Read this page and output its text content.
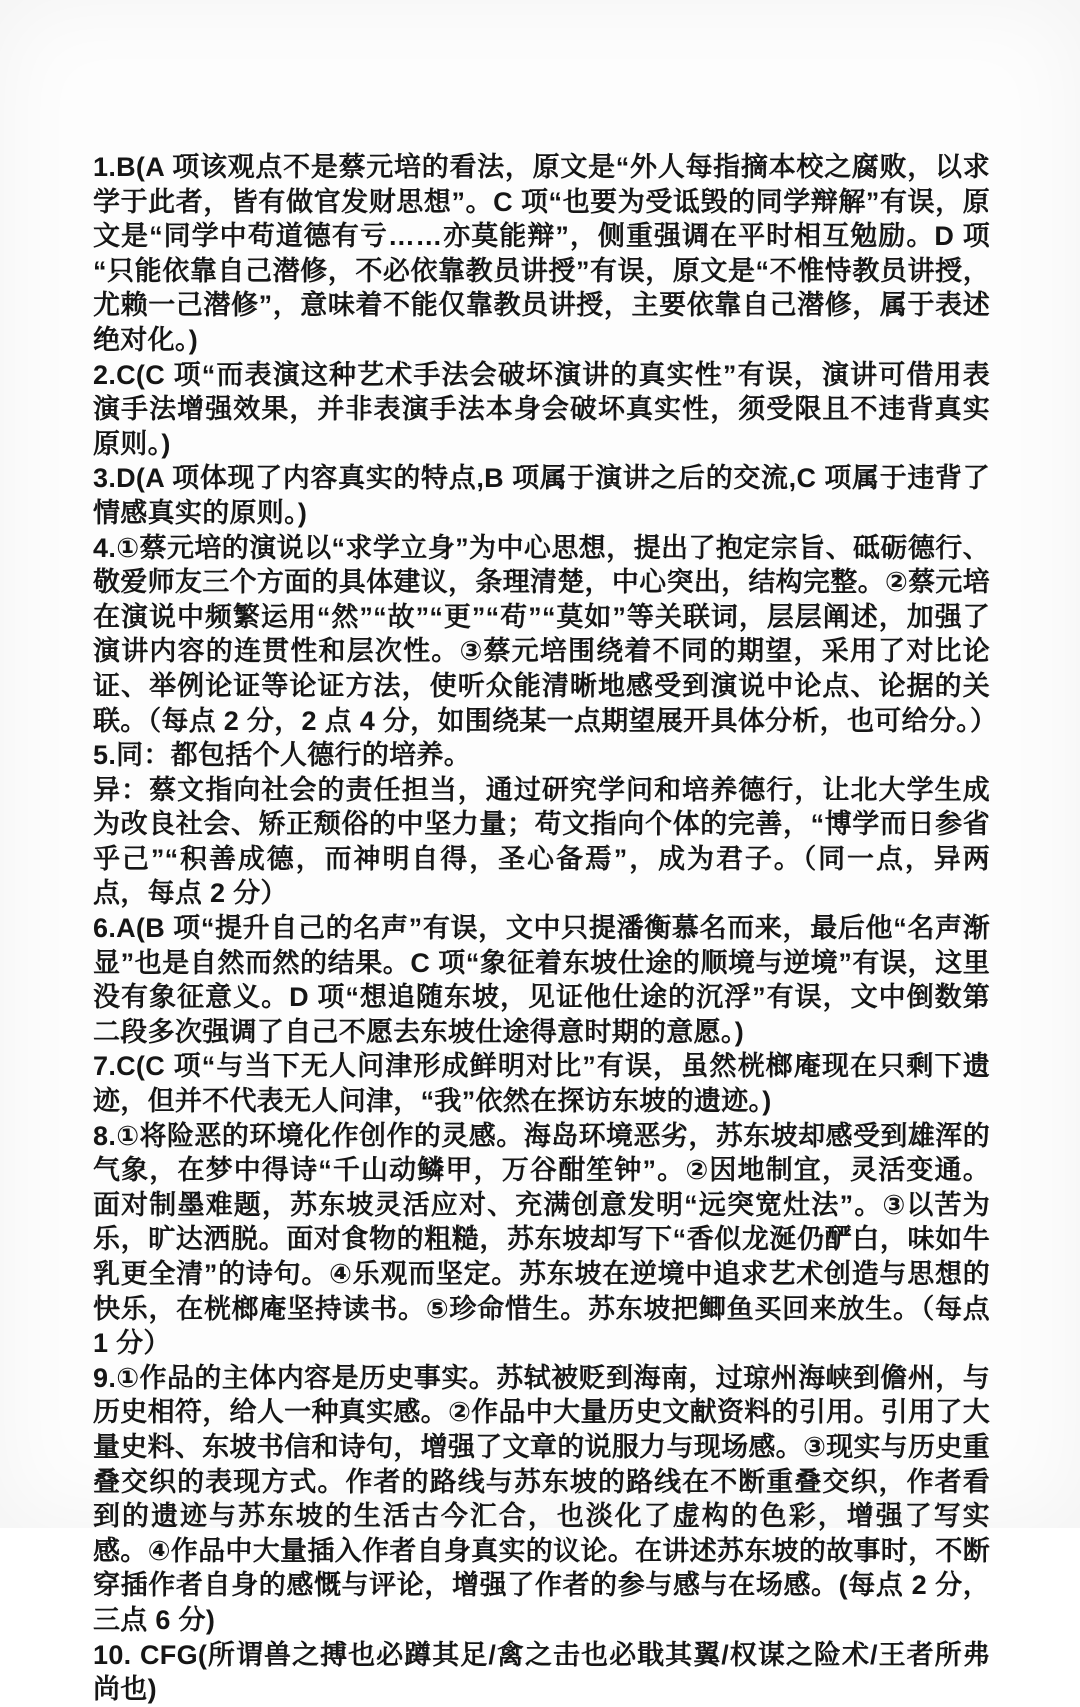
1.B(A 项该观点不是蔡元培的看法，原文是“外人每指摘本校之腐败，以求学于此者，皆有做官发财思想”。C 项“也要为受诋毁的同学辩解”有误，原文是“同学中苟道德有亏……亦莫能辩”，侧重强调在平时相互勉励。D 项“只能依靠自己潜修，不必依靠教员讲授”有误，原文是“不惟恃教员讲授，尤赖一己潜修”，意味着不能仅靠教员讲授，主要依靠自己潜修，属于表述绝对化。)

2.C(C 项“而表演这种艺术手法会破坏演讲的真实性”有误，演讲可借用表演手法增强效果，并非表演手法本身会破坏真实性，须受限且不违背真实原则。)

3.D(A 项体现了内容真实的特点,B 项属于演讲之后的交流,C 项属于违背了情感真实的原则。)

4.①蔡元培的演说以“求学立身”为中心思想，提出了抱定宗旨、砥砺德行、敬爱师友三个方面的具体建议，条理清楚，中心突出，结构完整。②蔡元培在演说中频繁运用“然”“故”“更”“苟”“莫如”等关联词，层层阐述，加强了演讲内容的连贯性和层次性。③蔡元培围绕着不同的期望，采用了对比论证、举例论证等论证方法，使听众能清晰地感受到演说中论点、论据的关联。（每点 2 分，2 点 4 分，如围绕某一点期望展开具体分析，也可给分。）

5.同：都包括个人德行的培养。

异：蔡文指向社会的责任担当，通过研究学问和培养德行，让北大学生成为改良社会、矫正颓俗的中坚力量；苟文指向个体的完善，“博学而日参省乎己”“积善成德，而神明自得，圣心备焉”，成为君子。（同一点，异两点，每点 2 分）

6.A(B 项“提升自己的名声”有误，文中只提潘衡慕名而来，最后他“名声渐显”也是自然而然的结果。C 项“象征着东坡仕途的顺境与逆境”有误，这里没有象征意义。D 项“想追随东坡，见证他仕途的沉浮”有误，文中倒数第二段多次强调了自己不愿去东坡仕途得意时期的意愿。)

7.C(C 项“与当下无人问津形成鲜明对比”有误，虽然桄榔庵现在只剩下遗迹，但并不代表无人问津，“我”依然在探访东坡的遗迹。)

8.①将险恶的环境化作创作的灵感。海岛环境恶劣，苏东坡却感受到雄浑的气象，在梦中得诗“千山动鳞甲，万谷酣笙钟”。②因地制宜，灵活变通。面对制墨难题，苏东坡灵活应对、充满创意发明“远突宽灶法”。③以苦为乐，旷达洒脱。面对食物的粗糙，苏东坡却写下“香似龙涎仍酽白，味如牛乳更全清”的诗句。④乐观而坚定。苏东坡在逆境中追求艺术创造与思想的快乐，在桄榔庵坚持读书。⑤珍命惜生。苏东坡把鲫鱼买回来放生。（每点 1 分）

9.①作品的主体内容是历史事实。苏轼被贬到海南，过琼州海峡到儋州，与历史相符，给人一种真实感。②作品中大量历史文献资料的引用。引用了大量史料、东坡书信和诗句，增强了文章的说服力与现场感。③现实与历史重叠交织的表现方式。作者的路线与苏东坡的路线在不断重叠交织，作者看到的遗迹与苏东坡的生活古今汇合，也淡化了虚构的色彩，增强了写实感。④作品中大量插入作者自身真实的议论。在讲述苏东坡的故事时，不断穿插作者自身的感慨与评论，增强了作者的参与感与在场感。(每点 2 分，三点 6 分)

10. CFG(所谓兽之搏也必蹲其足/禽之击也必戢其翼/权谋之险术/王者所弗尚也)
